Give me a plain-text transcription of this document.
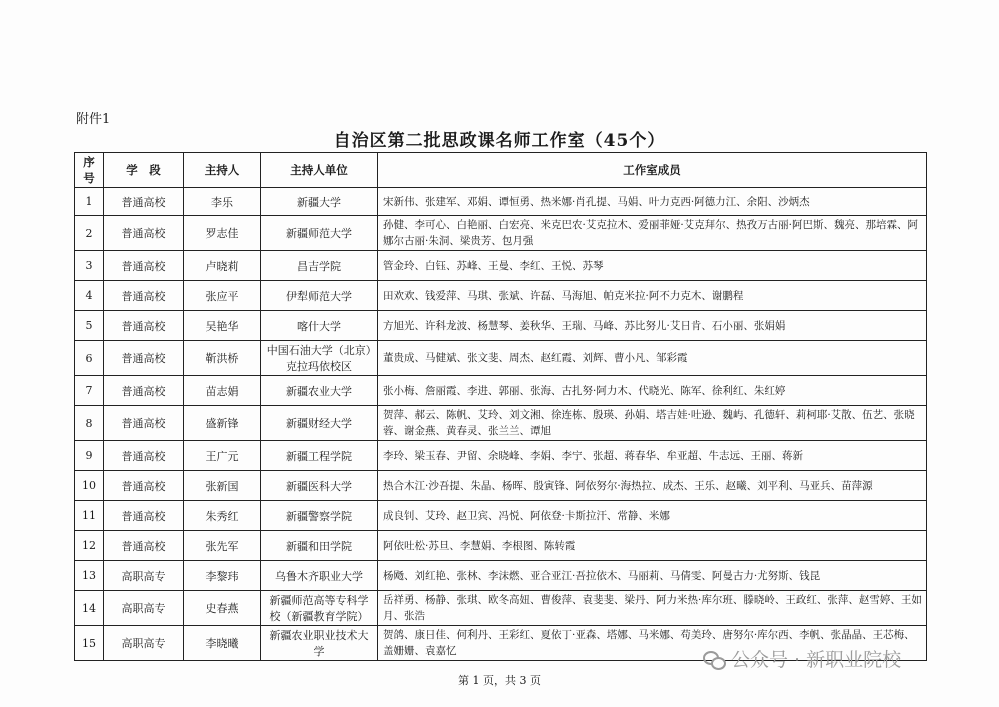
附件1
自治区第二批思政课名师工作室（45个）
序号	学　段	主持人	主持人单位	工作室成员
1	普通高校	李乐	新疆大学	宋新伟、张建军、邓娟、谭恒勇、热米娜·肖孔提、马娟、叶力克西·阿德力江、余阳、沙炳杰
2	普通高校	罗志佳	新疆师范大学	孙健、李可心、白艳丽、白宏亮、米克巴农·艾克拉木、爱丽菲娅·艾克拜尔、热孜万古丽·阿巴斯、魏亮、那培霖、阿娜尔古丽·朱洞、梁贵芳、包月强
3	普通高校	卢晓莉	昌吉学院	管金玲、白钰、苏峰、王曼、李红、王悦、苏琴
4	普通高校	张应平	伊犁师范大学	田欢欢、钱爱萍、马琪、张斌、许磊、马海旭、帕克米拉·阿不力克木、谢鹏程
5	普通高校	吴艳华	喀什大学	方旭光、许科龙波、杨慧琴、姜秋华、王瑞、马峰、苏比努儿·艾日肯、石小丽、张娟娟
6	普通高校	靳洪桥	中国石油大学（北京）克拉玛依校区	董贵成、马健斌、张文斐、周杰、赵红霞、刘辉、曹小凡、邹彩霞
7	普通高校	苗志娟	新疆农业大学	张小梅、詹丽霞、李进、郭丽、张海、古扎努·阿力木、代晓光、陈军、徐利红、朱红婷
8	普通高校	盛新锋	新疆财经大学	贺萍、郝云、陈帆、艾玲、刘文湘、徐连栋、殷瑛、孙娟、塔吉娃·吐逊、魏屿、孔德轩、莉柯耶·艾散、伍艺、张晓蓉、谢金燕、黄春灵、张兰兰、谭旭
9	普通高校	王广元	新疆工程学院	李玲、梁玉春、尹留、余晓峰、李娟、李宁、张超、蒋春华、牟亚超、牛志远、王丽、蒋新
10	普通高校	张新国	新疆医科大学	热合木江·沙吾提、朱晶、杨晖、殷寅锋、阿依努尔·海热拉、成杰、王乐、赵曦、刘平利、马亚兵、苗萍源
11	普通高校	朱秀红	新疆警察学院	成良钊、艾玲、赵卫宾、冯悦、阿依登·卡斯拉汗、常静、米娜
12	普通高校	张先军	新疆和田学院	阿依吐松·苏旦、李慧娟、李根图、陈转霞
13	高职高专	李黎玮	乌鲁木齐职业大学	杨飏、刘红艳、张林、李沫燃、亚合亚江·吾拉依木、马丽莉、马倩雯、阿曼古力·尤努斯、钱昆
14	高职高专	史春燕	新疆师范高等专科学校（新疆教育学院）	岳祥勇、杨静、张琪、欧冬高妞、曹俊萍、袁斐斐、梁丹、阿力米热·库尔班、滕晓岭、王政红、张萍、赵雪婷、王如月、张浩
15	高职高专	李晓曦	新疆农业职业技术大学	贺鸽、康日佳、何利丹、王彩红、夏依丁·亚森、塔娜、马米娜、苟美玲、唐努尔·库尔西、李帆、张晶晶、王芯梅、盖姗姗、袁嘉忆
第 1 页，共 3 页
公众号 · 新职业院校
